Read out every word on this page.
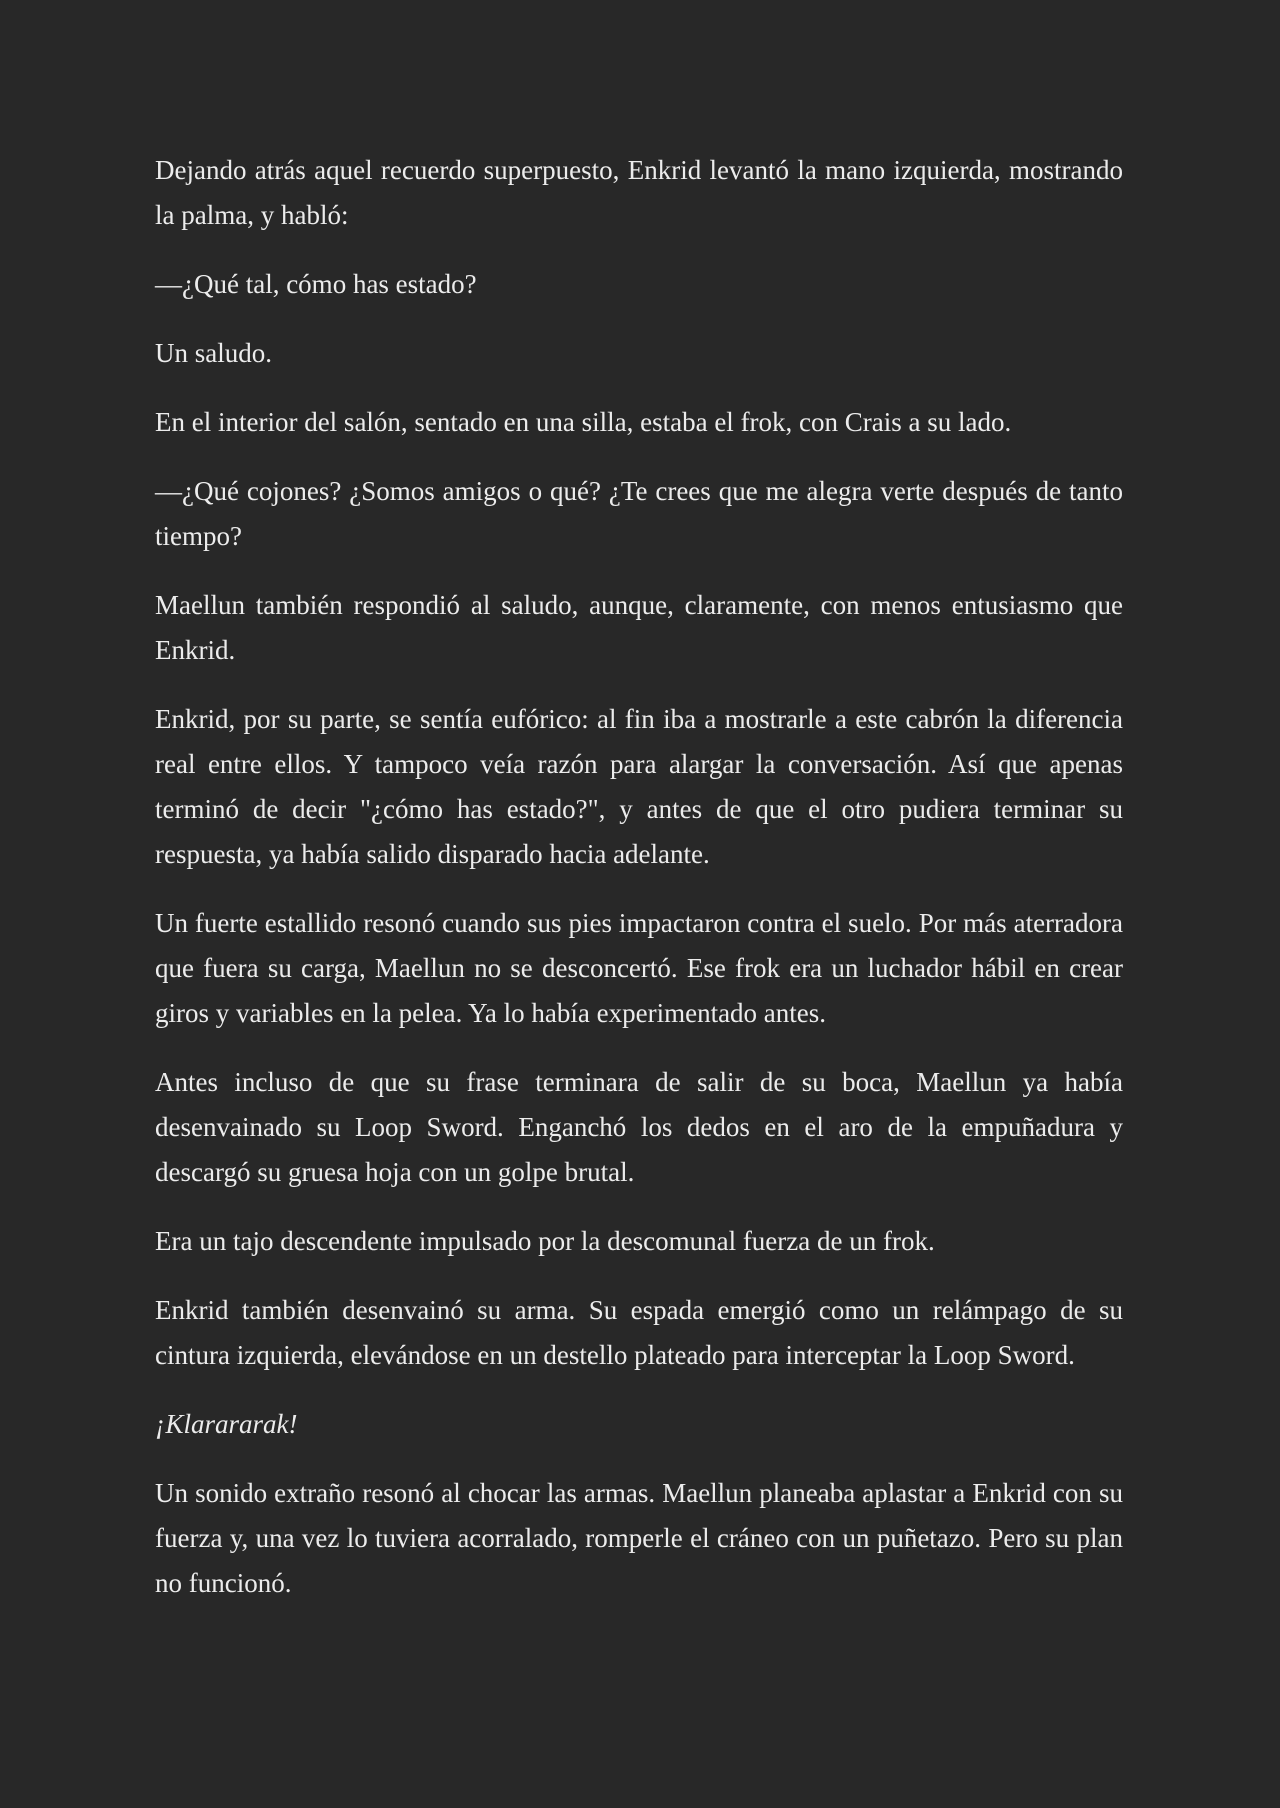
Dejando atrás aquel recuerdo superpuesto, Enkrid levantó la mano izquierda, mostrando la palma, y habló:

—¿Qué tal, cómo has estado?

Un saludo.

En el interior del salón, sentado en una silla, estaba el frok, con Crais a su lado.

—¿Qué cojones? ¿Somos amigos o qué? ¿Te crees que me alegra verte después de tanto tiempo?

Maellun también respondió al saludo, aunque, claramente, con menos entusiasmo que Enkrid.

Enkrid, por su parte, se sentía eufórico: al fin iba a mostrarle a este cabrón la diferencia real entre ellos. Y tampoco veía razón para alargar la conversación. Así que apenas terminó de decir "¿cómo has estado?", y antes de que el otro pudiera terminar su respuesta, ya había salido disparado hacia adelante.

Un fuerte estallido resonó cuando sus pies impactaron contra el suelo. Por más aterradora que fuera su carga, Maellun no se desconcertó. Ese frok era un luchador hábil en crear giros y variables en la pelea. Ya lo había experimentado antes.

Antes incluso de que su frase terminara de salir de su boca, Maellun ya había desenvainado su Loop Sword. Enganchó los dedos en el aro de la empuñadura y descargó su gruesa hoja con un golpe brutal.

Era un tajo descendente impulsado por la descomunal fuerza de un frok.

Enkrid también desenvainó su arma. Su espada emergió como un relámpago de su cintura izquierda, elevándose en un destello plateado para interceptar la Loop Sword.

¡Klarararak!

Un sonido extraño resonó al chocar las armas. Maellun planeaba aplastar a Enkrid con su fuerza y, una vez lo tuviera acorralado, romperle el cráneo con un puñetazo. Pero su plan no funcionó.
